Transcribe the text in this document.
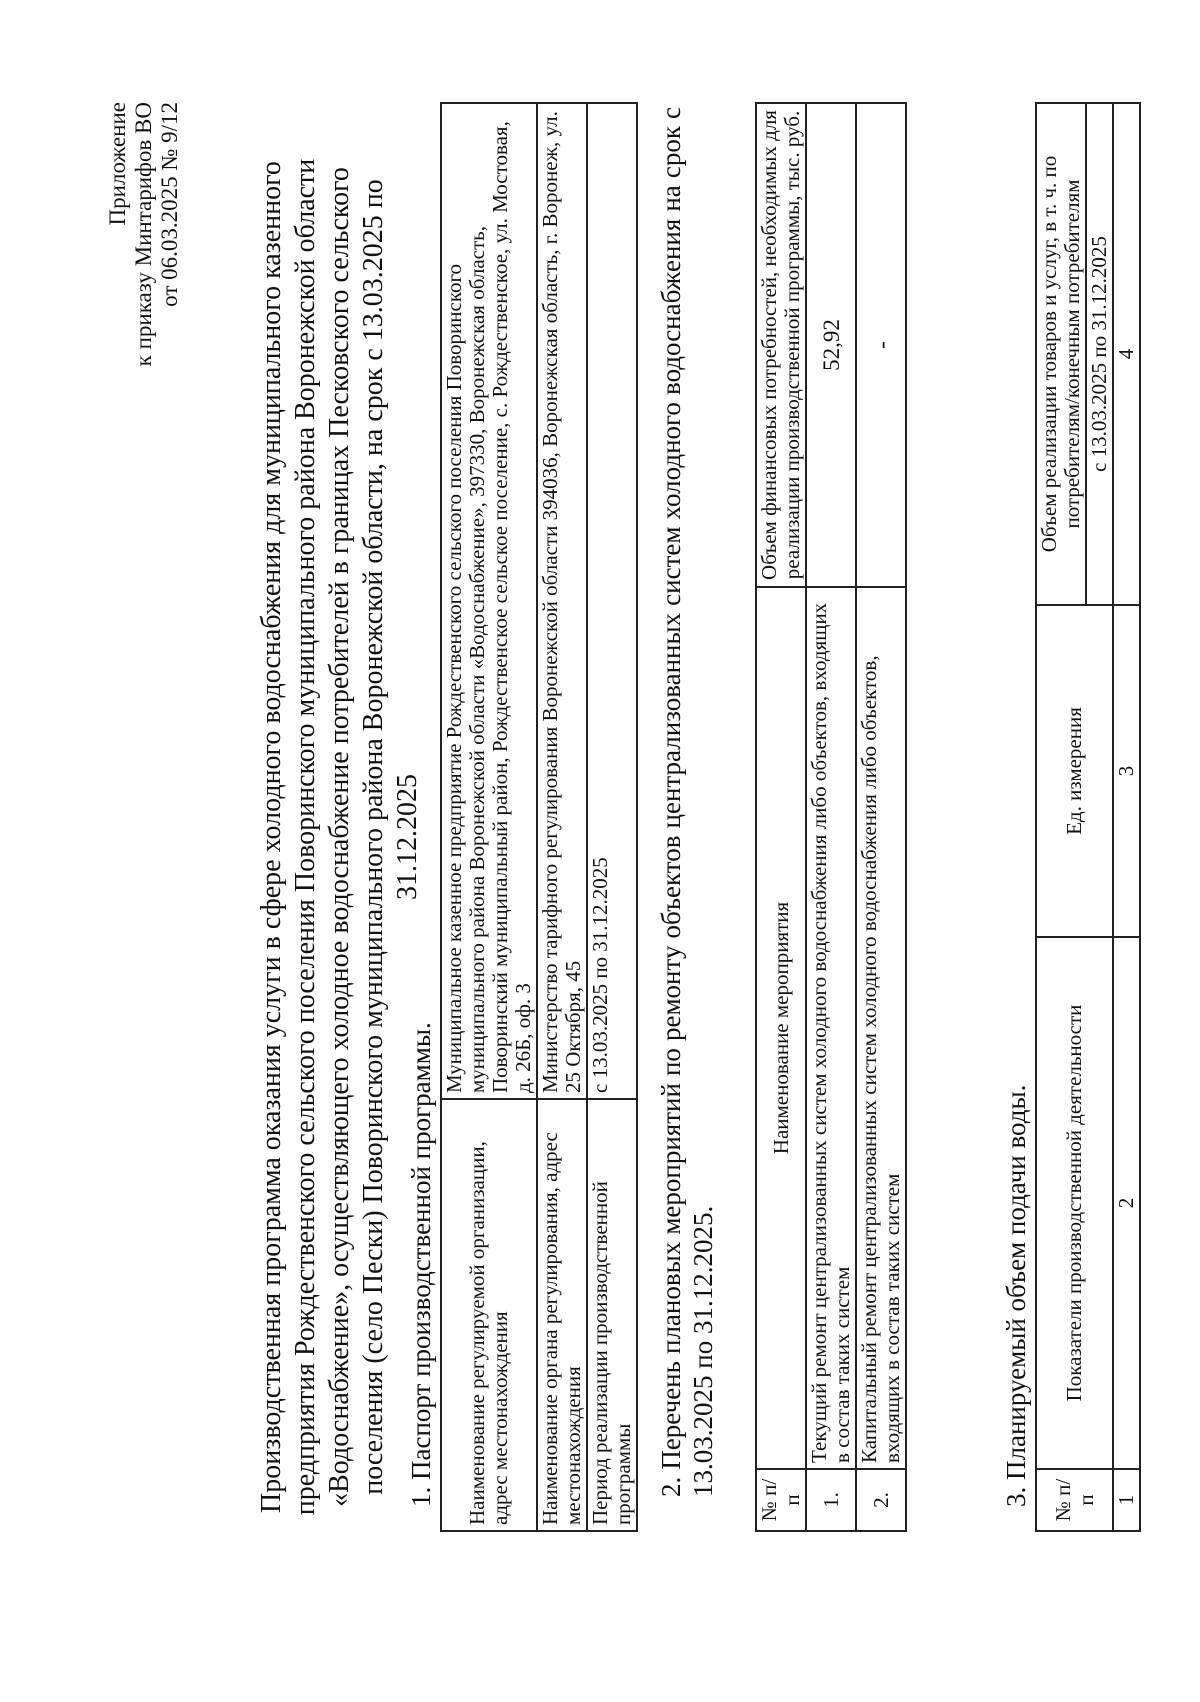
Приложение к приказу Минтарифов ВО от 06.03.2025 № 9/12	Производственная программа оказания услуги в сфере холодного водоснабжения для муниципального казенного предприятия Рождественского сельского поселения Поворинского муниципального района Воронежской области «Водоснабжение», осуществляющего холодное водоснабжение потребителей в границах Песковского сельского поселения (село Пески) Поворинского муниципального района Воронежской области, на срок с 13.03.2025 по 31.12.2025
1. Паспорт производственной программы. Наименование регулируемой организации, адрес местонахождения	Муниципальное казенное предприятие Рождественского сельского поселения Поворинского муниципального района Воронежской области «Водоснабжение», 397330, Воронежская область, Поворинский муниципальный район, Рождественское сельское поселение, с. Рождественское, ул. Мостовая, д. 26Б, оф. 3
Наименование органа регулирования, адрес местонахождения	Министерство тарифного регулирования Воронежской области 394036, Воронежская область, г. Воронеж, ул. 25 Октября, 45
Период реализации производственной программы	с 13.03.2025 по 31.12.2025 2. Перечень плановых мероприятий по ремонту объектов централизованных систем холодного водоснабжения на срок с 13.03.2025 по 31.12.2025.
№ п/п	Наименование мероприятия	Объем финансовых потребностей, необходимых для реализации производственной программы, тыс. руб.
1.	Текущий ремонт централизованных систем холодного водоснабжения либо объектов, входящих в состав таких систем	52,92
2.	Капитальный ремонт централизованных систем холодного водоснабжения либо объектов, входящих в состав таких систем	-
3. Планируемый объем подачи воды. № п/п	Показатели производственной деятельности	Ед. измерения	Объем реализации товаров и услуг, в т. ч. по потребителям/конечным потребителям
			с 13.03.2025 по 31.12.2025
1	2	3	4
